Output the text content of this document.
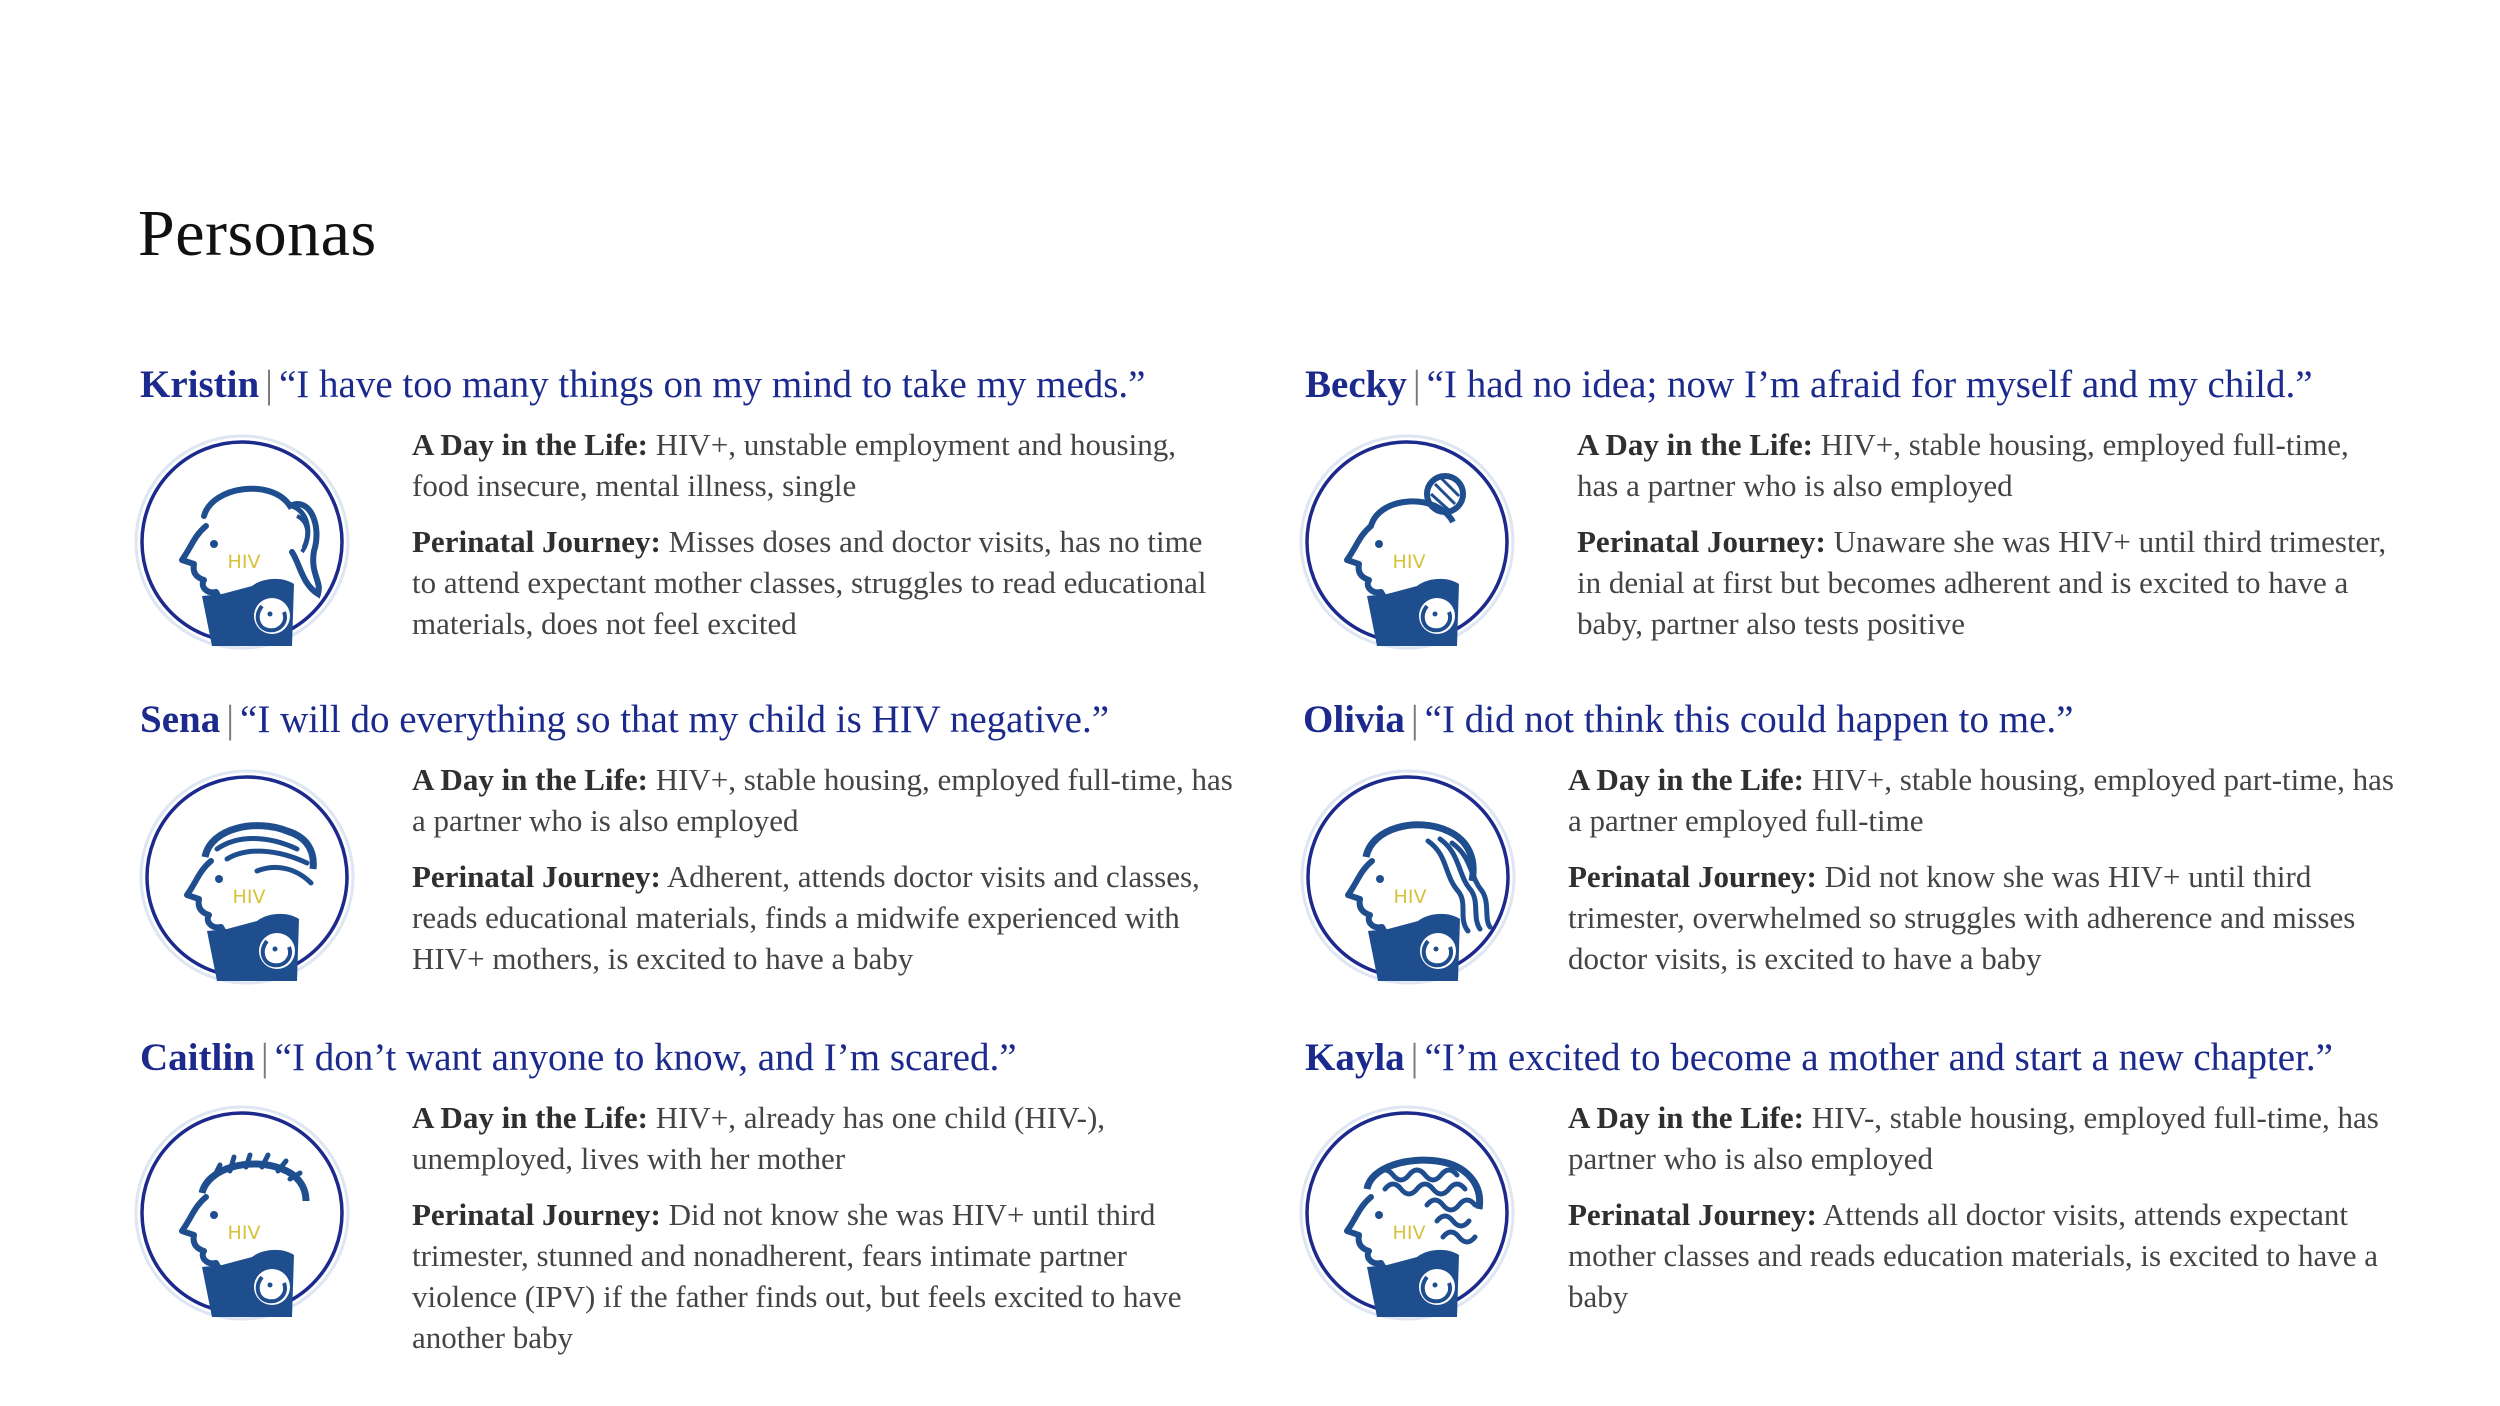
Personas
Kristin | “I have too many things on my mind to take my meds.”
HIV

A Day in the Life: HIV+, unstable employment and housing, food insecure, mental illness, single

Perinatal Journey: Misses doses and doctor visits, has no time to attend expectant mother classes, struggles to read educational materials, does not feel excited

Becky | “I had no idea; now I’m afraid for myself and my child.”
HIV

A Day in the Life: HIV+, stable housing, employed full-time, has a partner who is also employed

Perinatal Journey: Unaware she was HIV+ until third trimester, in denial at first but becomes adherent and is excited to have a baby, partner also tests positive

Sena | “I will do everything so that my child is HIV negative.”
HIV

A Day in the Life: HIV+, stable housing, employed full-time, has a partner who is also employed

Perinatal Journey: Adherent, attends doctor visits and classes, reads educational materials, finds a midwife experienced with HIV+ mothers, is excited to have a baby

Olivia | “I did not think this could happen to me.”
HIV

A Day in the Life: HIV+, stable housing, employed part-time, has a partner employed full-time

Perinatal Journey: Did not know she was HIV+ until third trimester, overwhelmed so struggles with adherence and misses doctor visits, is excited to have a baby

Caitlin | “I don’t want anyone to know, and I’m scared.”
HIV

A Day in the Life: HIV+, already has one child (HIV-), unemployed, lives with her mother

Perinatal Journey: Did not know she was HIV+ until third trimester, stunned and nonadherent, fears intimate partner violence (IPV) if the father finds out, but feels excited to have another baby

Kayla | “I’m excited to become a mother and start a new chapter.”
HIV

A Day in the Life: HIV-, stable housing, employed full-time, has partner who is also employed

Perinatal Journey: Attends all doctor visits, attends expectant mother classes and reads education materials, is excited to have a baby
